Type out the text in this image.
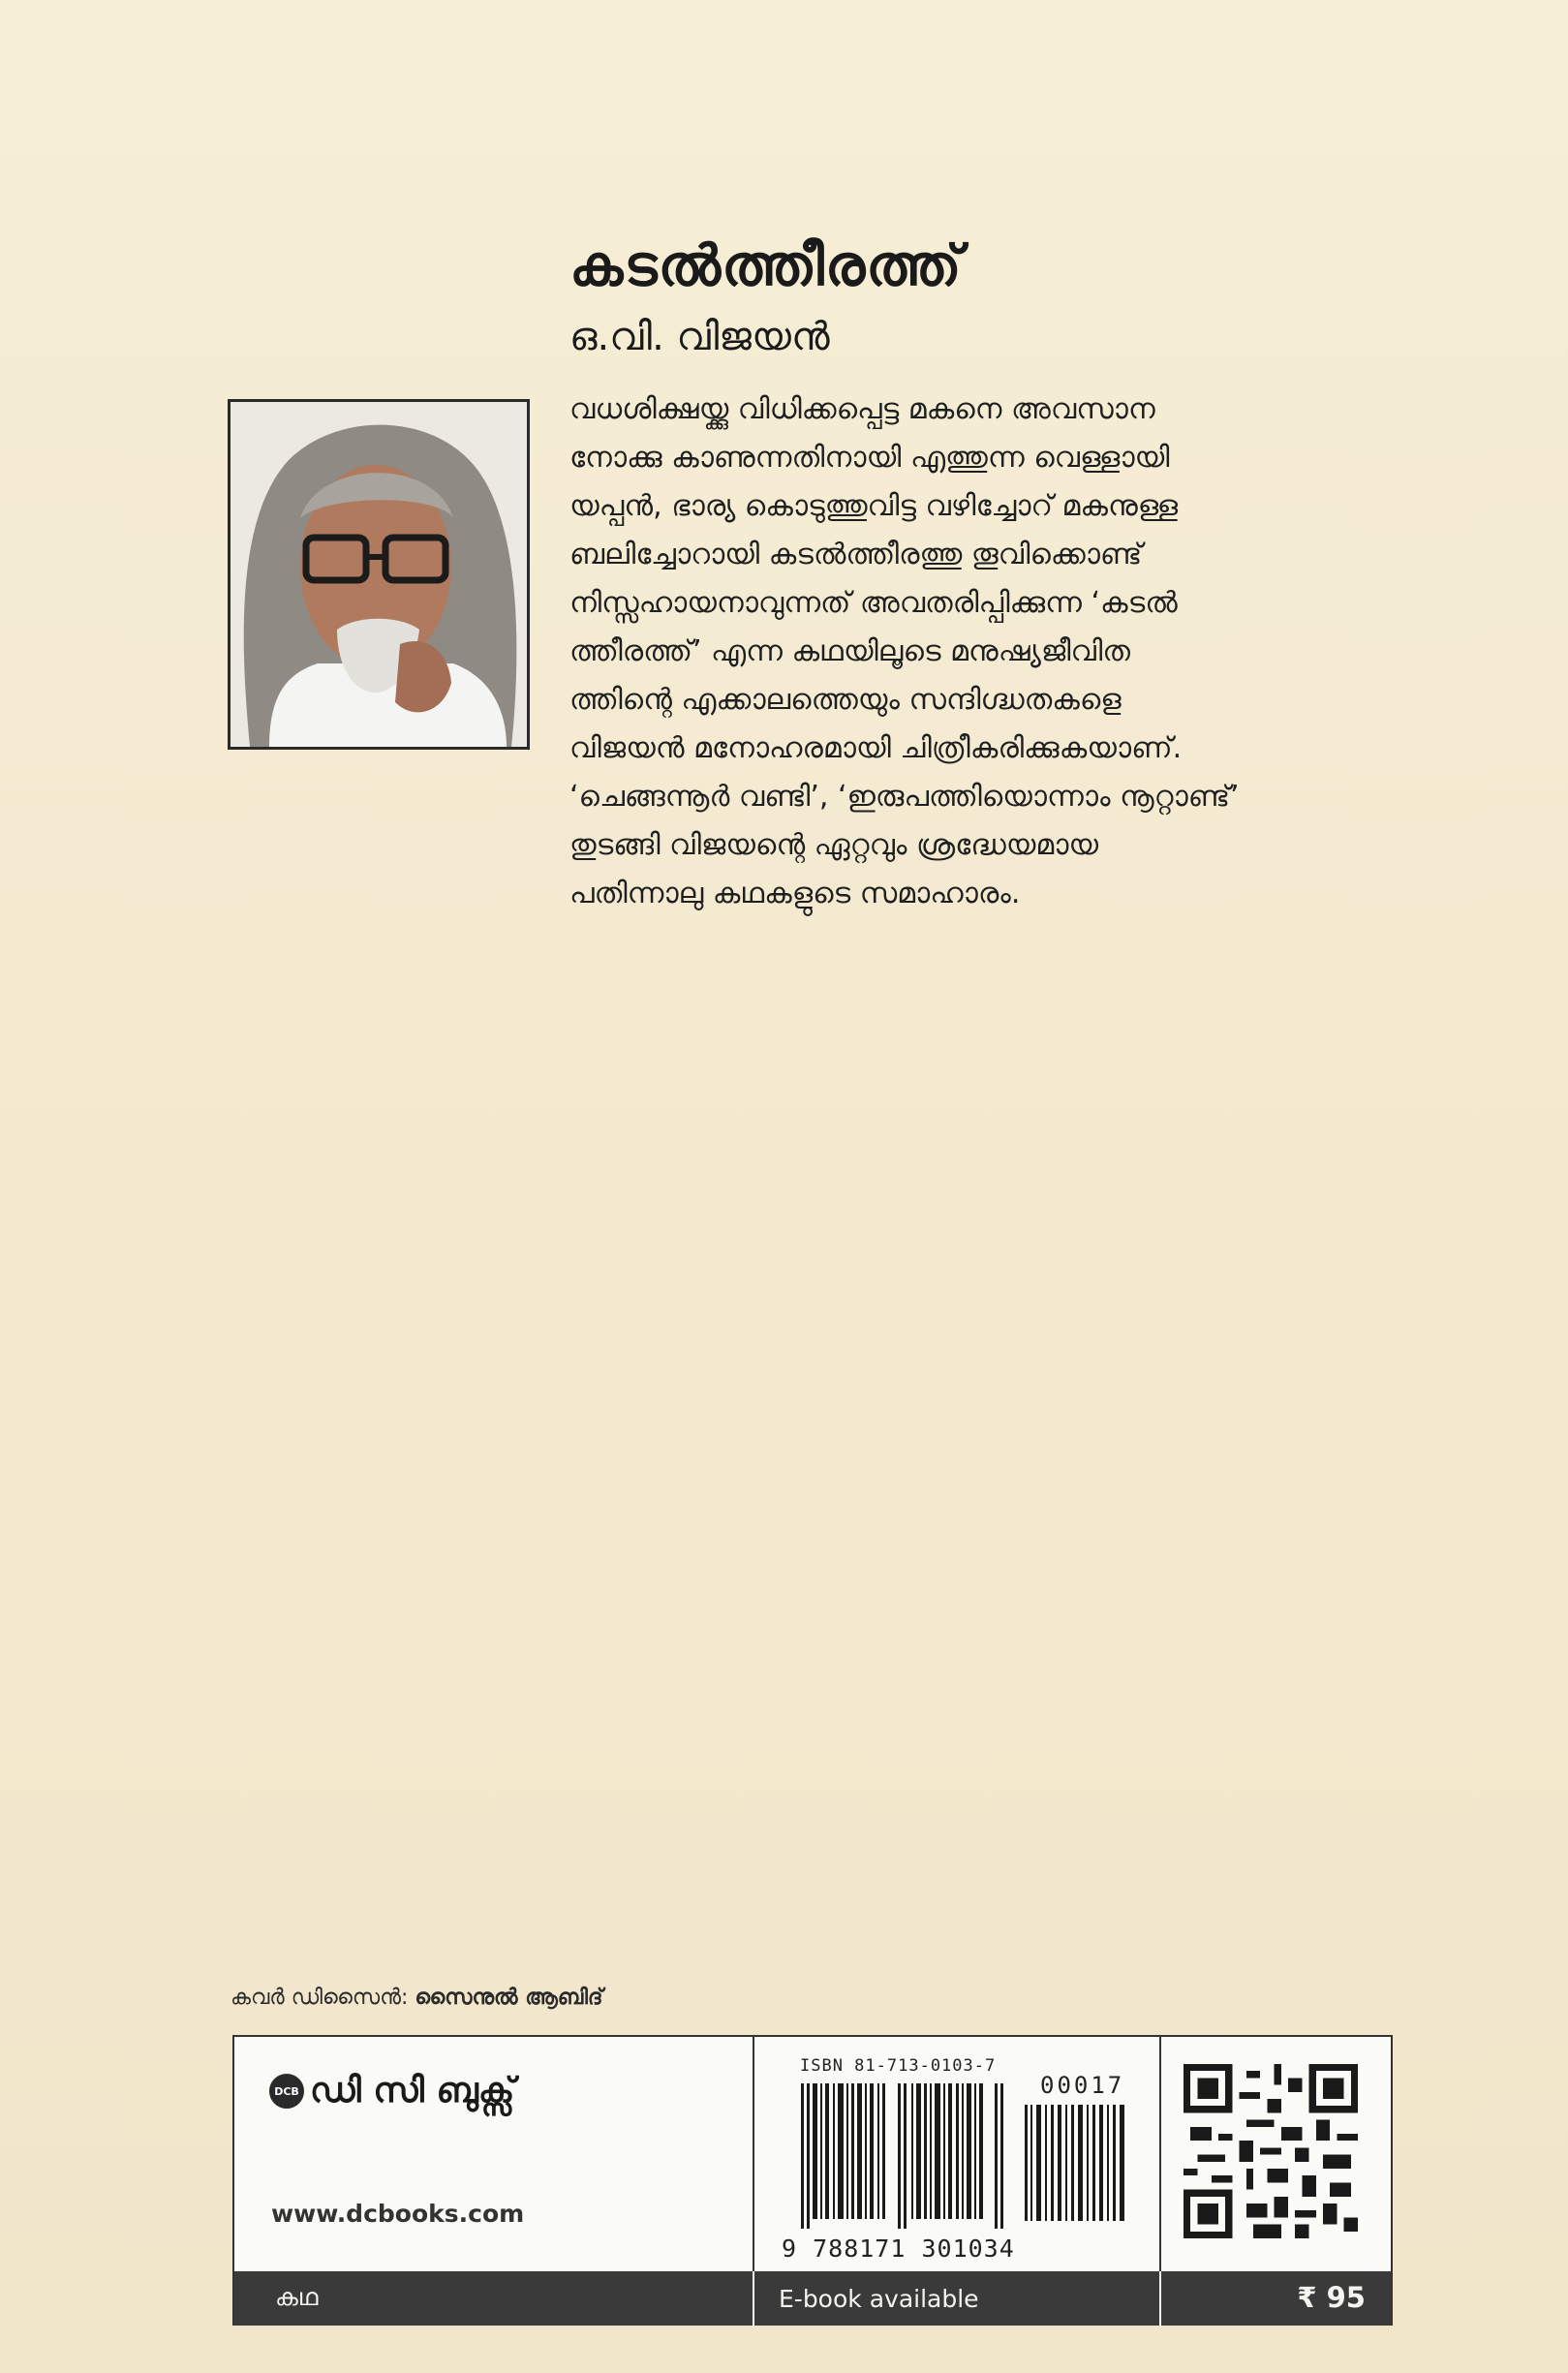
കടൽത്തീരത്ത്
ഒ.വി. വിജയൻ
വധശിക്ഷയ്ക്കു വിധിക്കപ്പെട്ട മകനെ അവസാന
നോക്കു കാണുന്നതിനായി എത്തുന്ന വെള്ളായി
യപ്പൻ, ഭാര്യ കൊടുത്തുവിട്ട വഴിച്ചോറ് മകനുള്ള
ബലിച്ചോറായി കടൽത്തീരത്തു തൂവിക്കൊണ്ട്
നിസ്സഹായനാവുന്നത് അവതരിപ്പിക്കുന്ന ‘കടൽ
ത്തീരത്ത്’ എന്ന കഥയിലൂടെ മനുഷ്യജീവിത
ത്തിന്റെ എക്കാലത്തെയും സന്ദിഗ്ദ്ധതകളെ
വിജയൻ മനോഹരമായി ചിത്രീകരിക്കുകയാണ്.
‘ചെങ്ങന്നൂർ വണ്ടി’, ‘ഇരുപത്തിയൊന്നാം നൂറ്റാണ്ട്’
തുടങ്ങി വിജയന്റെ ഏറ്റവും ശ്രദ്ധേയമായ
പതിന്നാലു കഥകളുടെ സമാഹാരം.
കവർ ഡിസൈൻ: സൈനുൽ ആബിദ്
DCB ഡി സി ബുക്സ്
www.dcbooks.com
ISBN 81-713-0103-7
00017
9 788171 301034
കഥ	E-book available	₹ 95
